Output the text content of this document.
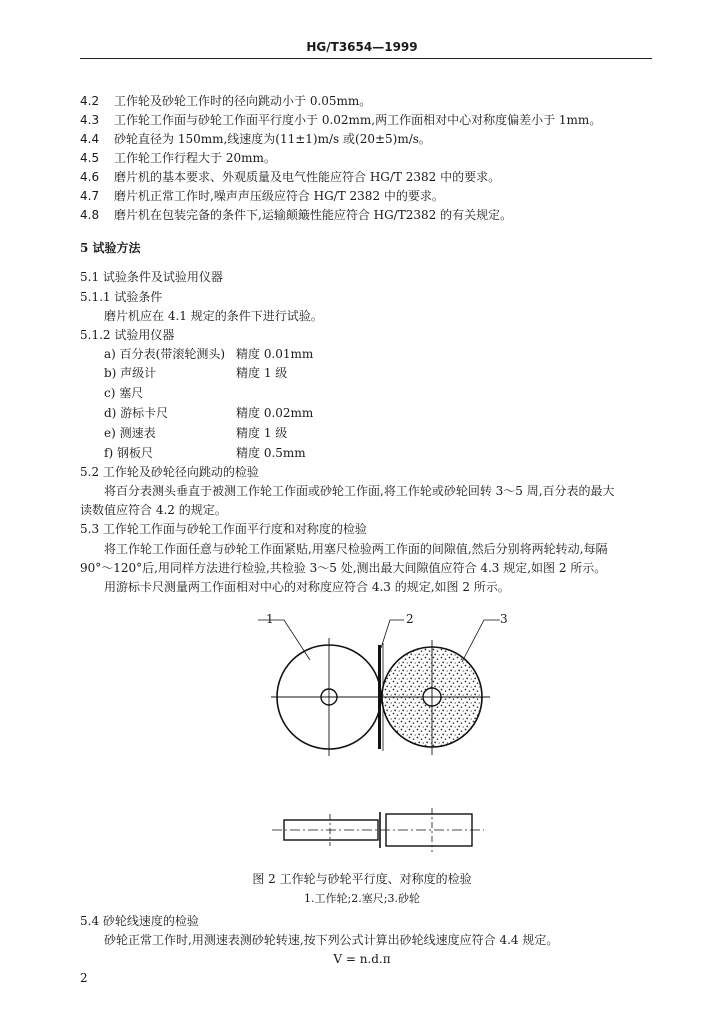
HG/T3654—1999
4.2 工作轮及砂轮工作时的径向跳动小于 0.05mm。
4.3 工作轮工作面与砂轮工作面平行度小于 0.02mm,两工作面相对中心对称度偏差小于 1mm。
4.4 砂轮直径为 150mm,线速度为(11±1)m/s 或(20±5)m/s。
4.5 工作轮工作行程大于 20mm。
4.6 磨片机的基本要求、外观质量及电气性能应符合 HG/T 2382 中的要求。
4.7 磨片机正常工作时,噪声声压级应符合 HG/T 2382 中的要求。
4.8 磨片机在包装完备的条件下,运输颠簸性能应符合 HG/T2382 的有关规定。
5 试验方法
5.1 试验条件及试验用仪器
5.1.1 试验条件
磨片机应在 4.1 规定的条件下进行试验。
5.1.2 试验用仪器
a) 百分表(带滚轮测头) 精度 0.01mm
b) 声级计	精度 1 级
c) 塞尺
d) 游标卡尺	精度 0.02mm
e) 测速表	精度 1 级
f) 钢板尺	精度 0.5mm
5.2 工作轮及砂轮径向跳动的检验
将百分表测头垂直于被测工作轮工作面或砂轮工作面,将工作轮或砂轮回转 3～5 周,百分表的最大
读数值应符合 4.2 的规定。
5.3 工作轮工作面与砂轮工作面平行度和对称度的检验
将工作轮工作面任意与砂轮工作面紧贴,用塞尺检验两工作面的间隙值,然后分别将两轮转动,每隔
90°～120°后,用同样方法进行检验,共检验 3～5 处,测出最大间隙值应符合 4.3 规定,如图 2 所示。
用游标卡尺测量两工作面相对中心的对称度应符合 4.3 的规定,如图 2 所示。
1	2	3
图 2 工作轮与砂轮平行度、对称度的检验
1.工作轮;2.塞尺;3.砂轮
5.4 砂轮线速度的检验
砂轮正常工作时,用测速表测砂轮转速,按下列公式计算出砂轮线速度应符合 4.4 规定。
V = n.d.π
2
